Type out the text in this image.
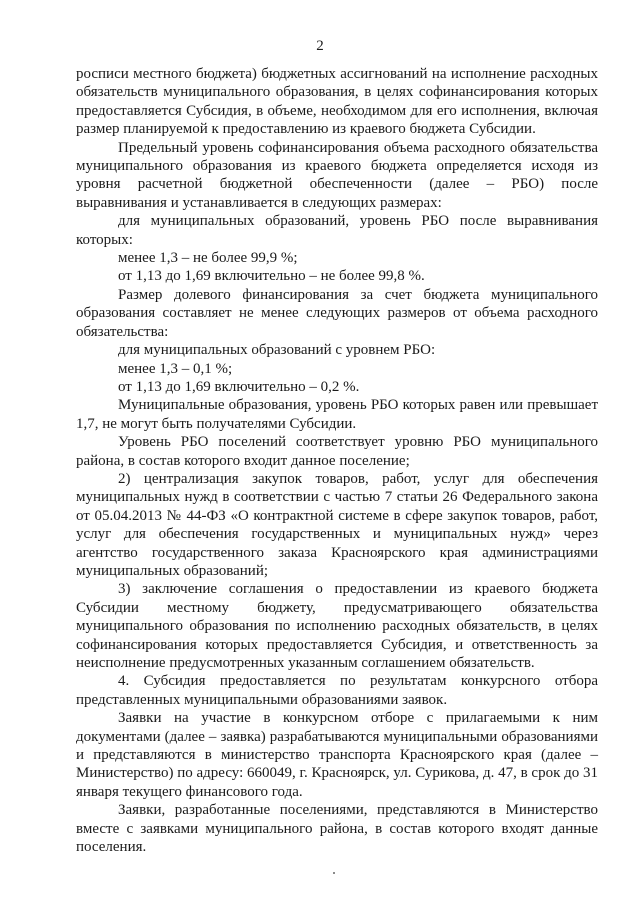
2

росписи местного бюджета) бюджетных ассигнований на исполнение расходных обязательств муниципального образования, в целях софинансирования которых предоставляется Субсидия, в объеме, необходимом для его исполнения, включая размер планируемой к предоставлению из краевого бюджета Субсидии.

Предельный уровень софинансирования объема расходного обязательства муниципального образования из краевого бюджета определяется исходя из уровня расчетной бюджетной обеспеченности (далее – РБО) после выравнивания и устанавливается в следующих размерах:

для муниципальных образований, уровень РБО после выравнивания которых:

менее 1,3 – не более 99,9 %;

от 1,13 до 1,69 включительно – не более 99,8 %.

Размер долевого финансирования за счет бюджета муниципального образования составляет не менее следующих размеров от объема расходного обязательства:

для муниципальных образований с уровнем РБО:

менее 1,3 – 0,1 %;

от 1,13 до 1,69 включительно – 0,2 %.

Муниципальные образования, уровень РБО которых равен или превышает 1,7, не могут быть получателями Субсидии.

Уровень РБО поселений соответствует уровню РБО муниципального района, в состав которого входит данное поселение;

2) централизация закупок товаров, работ, услуг для обеспечения муниципальных нужд в соответствии с частью 7 статьи 26 Федерального закона от 05.04.2013 № 44-ФЗ «О контрактной системе в сфере закупок товаров, работ, услуг для обеспечения государственных и муниципальных нужд» через агентство государственного заказа Красноярского края администрациями муниципальных образований;

3) заключение соглашения о предоставлении из краевого бюджета Субсидии местному бюджету, предусматривающего обязательства муниципального образования по исполнению расходных обязательств, в целях софинансирования которых предоставляется Субсидия, и ответственность за неисполнение предусмотренных указанным соглашением обязательств.

4. Субсидия предоставляется по результатам конкурсного отбора представленных муниципальными образованиями заявок.

Заявки на участие в конкурсном отборе с прилагаемыми к ним документами (далее – заявка) разрабатываются муниципальными образованиями и представляются в министерство транспорта Красноярского края (далее – Министерство) по адресу: 660049, г. Красноярск, ул. Сурикова, д. 47, в срок до 31 января текущего финансового года.

Заявки, разработанные поселениями, представляются в Министерство вместе с заявками муниципального района, в состав которого входят данные поселения.
